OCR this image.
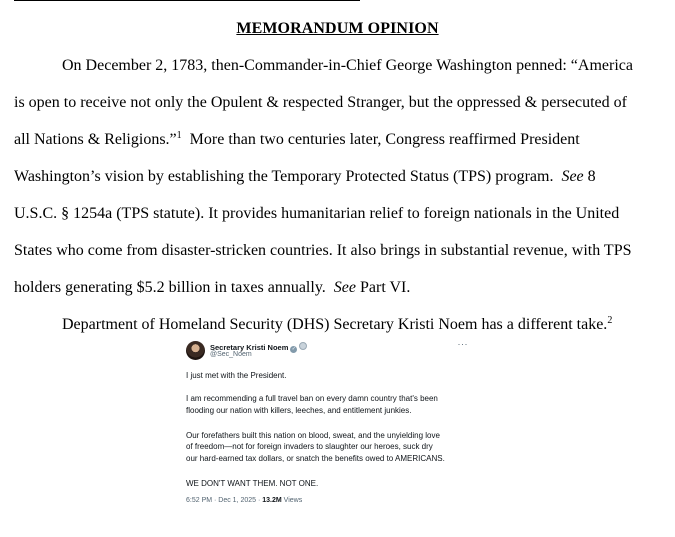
MEMORANDUM OPINION
On December 2, 1783, then-Commander-in-Chief George Washington penned: “America
is open to receive not only the Opulent & respected Stranger, but the oppressed & persecuted of
all Nations & Religions.”$^1$  More than two centuries later, Congress reaffirmed President
Washington’s vision by establishing the Temporary Protected Status (TPS) program.  See 8
U.S.C. § 1254a (TPS statute). It provides humanitarian relief to foreign nationals in the United
States who come from disaster-stricken countries. It also brings in substantial revenue, with TPS
holders generating $5.2 billion in taxes annually.  See Part VI.
Department of Homeland Security (DHS) Secretary Kristi Noem has a different take.$^2$
Secretary Kristi Noem ✓
@Sec_Noem
···
I just met with the President.
I am recommending a full travel ban on every damn country that's been
flooding our nation with killers, leeches, and entitlement junkies.
Our forefathers built this nation on blood, sweat, and the unyielding love
of freedom—not for foreign invaders to slaughter our heroes, suck dry
our hard-earned tax dollars, or snatch the benefits owed to AMERICANS.
WE DON'T WANT THEM. NOT ONE.
6:52 PM · Dec 1, 2025 · 13.2M Views
